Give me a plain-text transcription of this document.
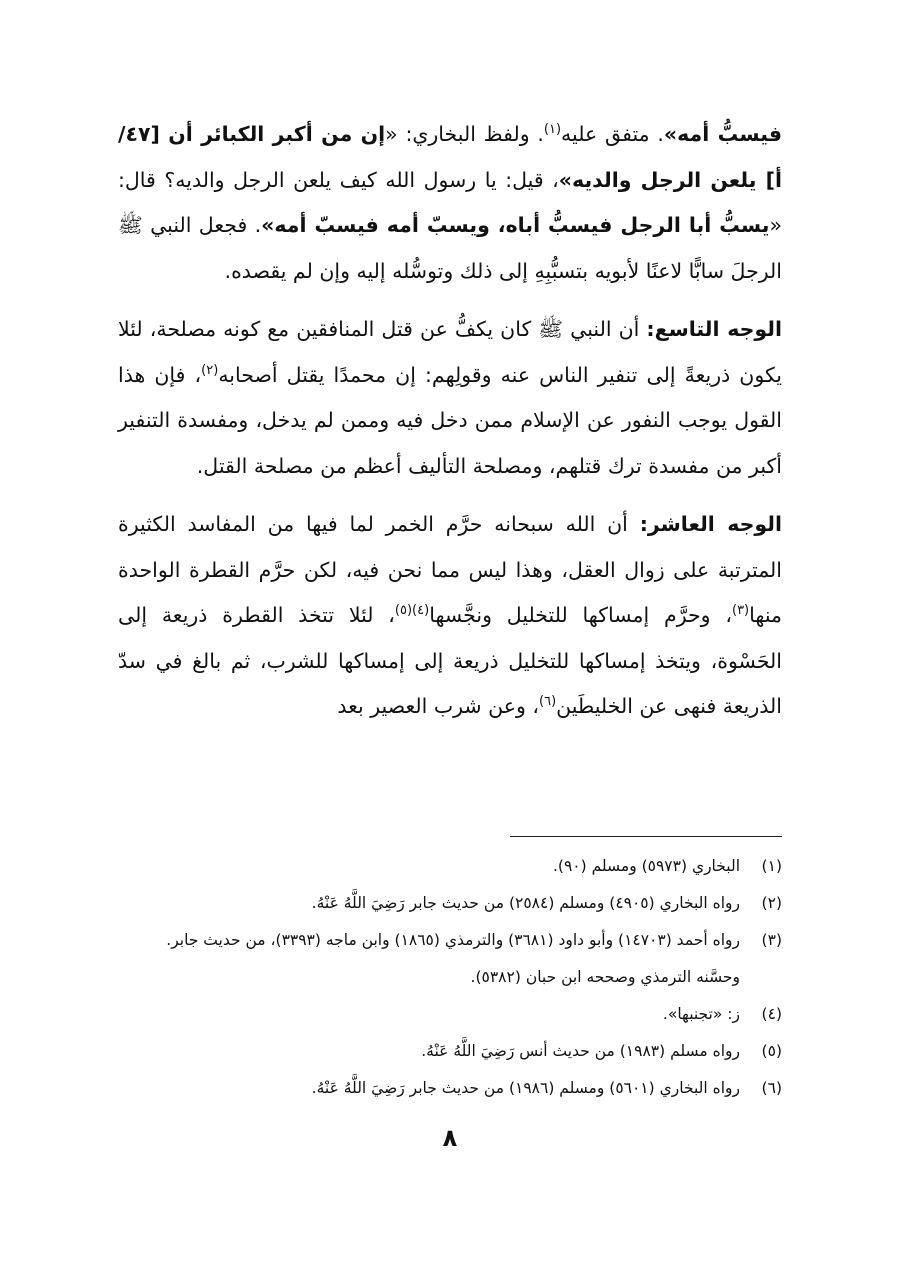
فيسبُّ أمه». متفق عليه$^{(١)}$. ولفظ البخاري: «إن من أكبر الكبائر أن [٤٧/أ] يلعن الرجل والديه»، قيل: يا رسول الله كيف يلعن الرجل والديه؟ قال: «يسبُّ أبا الرجل فيسبُّ أباه، ويسبّ أمه فيسبّ أمه». فجعل النبي ﷺ الرجلَ سابًّا لاعنًا لأبويه بتسبُّبِهِ إلى ذلك وتوسُّله إليه وإن لم يقصده.

الوجه التاسع: أن النبي ﷺ كان يكفُّ عن قتل المنافقين مع كونه مصلحة، لئلا يكون ذريعةً إلى تنفير الناس عنه وقولِهم: إن محمدًا يقتل أصحابه$^{(٢)}$، فإن هذا القول يوجب النفور عن الإسلام ممن دخل فيه وممن لم يدخل، ومفسدة التنفير أكبر من مفسدة ترك قتلهم، ومصلحة التأليف أعظم من مصلحة القتل.

الوجه العاشر: أن الله سبحانه حرَّم الخمر لما فيها من المفاسد الكثيرة المترتبة على زوال العقل، وهذا ليس مما نحن فيه، لكن حرَّم القطرة الواحدة منها$^{(٣)}$، وحرَّم إمساكها للتخليل ونجَّسها$^{(٤)(٥)}$، لئلا تتخذ القطرة ذريعة إلى الحَسْوة، ويتخذ إمساكها للتخليل ذريعة إلى إمساكها للشرب، ثم بالغ في سدّ الذريعة فنهى عن الخليطَين$^{(٦)}$، وعن شرب العصير بعد

(١)
البخاري (٥٩٧٣) ومسلم (٩٠).
(٢)
رواه البخاري (٤٩٠٥) ومسلم (٢٥٨٤) من حديث جابر رَضِيَ اللَّهُ عَنْهُ.
(٣)
رواه أحمد (١٤٧٠٣) وأبو داود (٣٦٨١) والترمذي (١٨٦٥) وابن ماجه (٣٣٩٣)، من حديث جابر. وحسَّنه الترمذي وصححه ابن حبان (٥٣٨٢).
(٤)
ز: «تجنبها».
(٥)
رواه مسلم (١٩٨٣) من حديث أنس رَضِيَ اللَّهُ عَنْهُ.
(٦)
رواه البخاري (٥٦٠١) ومسلم (١٩٨٦) من حديث جابر رَضِيَ اللَّهُ عَنْهُ.
٨
